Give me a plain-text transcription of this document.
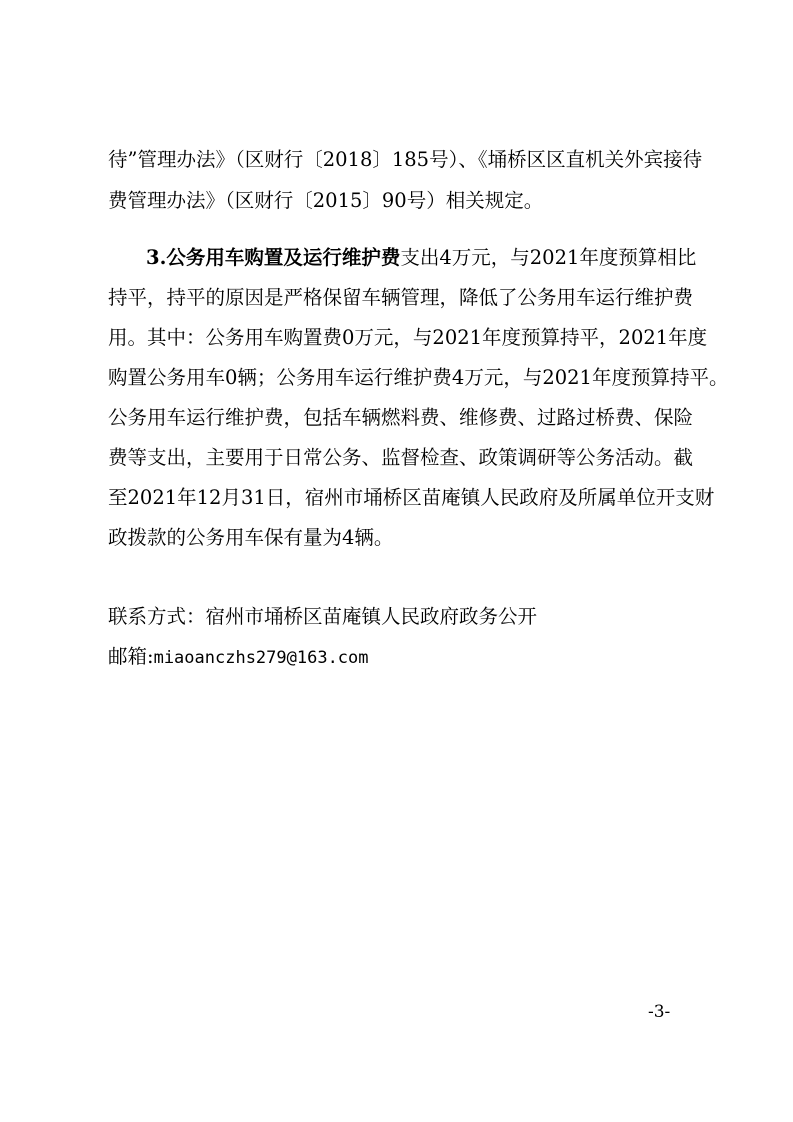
待”管理办法》（区财行〔2018〕185号）、《埇桥区区直机关外宾接待
费管理办法》（区财行〔2015〕90号）相关规定。
3.公务用车购置及运行维护费支出4万元，与2021年度预算相比
持平，持平的原因是严格保留车辆管理，降低了公务用车运行维护费
用。其中：公务用车购置费0万元，与2021年度预算持平，2021年度
购置公务用车0辆；公务用车运行维护费4万元，与2021年度预算持平。
公务用车运行维护费，包括车辆燃料费、维修费、过路过桥费、保险
费等支出，主要用于日常公务、监督检查、政策调研等公务活动。截
至2021年12月31日，宿州市埇桥区苗庵镇人民政府及所属单位开支财
政拨款的公务用车保有量为4辆。
联系方式：宿州市埇桥区苗庵镇人民政府政务公开
邮箱:miaoanczhs279@163.com
-3-
